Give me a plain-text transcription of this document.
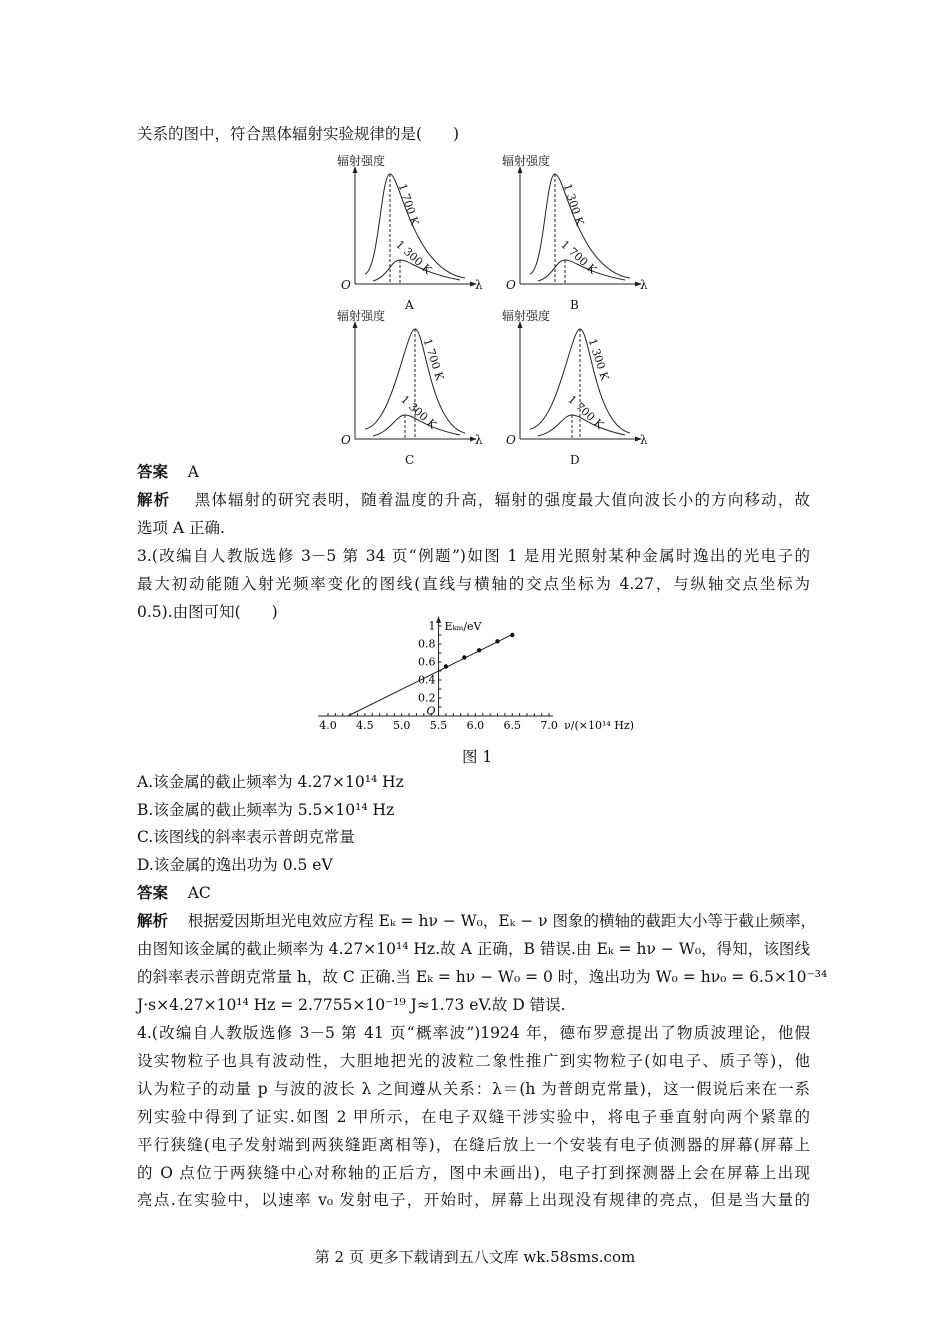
关系的图中，符合黑体辐射实验规律的是(　　)
辐射强度
O	λ
1 700 K
1 300 K
A
辐射强度
O	λ
1 300 K
1 700 K
B
辐射强度
O	λ
1 700 K
1 300 K
C
辐射强度
O	λ
1 300 K
1 700 K
D
答案 A
解析 黑体辐射的研究表明，随着温度的升高，辐射的强度最大值向波长小的方向移动，故
选项 A 正确.
3.(改编自人教版选修 3－5 第 34 页“例题”)如图 1 是用光照射某种金属时逸出的光电子的
最大初动能随入射光频率变化的图线(直线与横轴的交点坐标为 4.27，与纵轴交点坐标为
0.5).由图可知(　　)
4.0 4.5 5.0 5.5 6.0 6.5 7.0
0.2
0.4
0.6
0.8
1
O
Eₖₘ/eV
ν/(×10¹⁴ Hz)
图 1
A.该金属的截止频率为 4.27×10¹⁴ Hz
B.该金属的截止频率为 5.5×10¹⁴ Hz
C.该图线的斜率表示普朗克常量
D.该金属的逸出功为 0.5 eV
答案 AC
解析 根据爱因斯坦光电效应方程 Eₖ = hν − W₀，Eₖ − ν 图象的横轴的截距大小等于截止频率，
由图知该金属的截止频率为 4.27×10¹⁴ Hz.故 A 正确，B 错误.由 Eₖ = hν − W₀，得知，该图线
的斜率表示普朗克常量 h，故 C 正确.当 Eₖ = hν − W₀ = 0 时，逸出功为 W₀ = hν₀ = 6.5×10⁻³⁴
J·s×4.27×10¹⁴ Hz = 2.7755×10⁻¹⁹ J≈1.73 eV.故 D 错误.
4.(改编自人教版选修 3－5 第 41 页“概率波”)1924 年，德布罗意提出了物质波理论，他假
设实物粒子也具有波动性，大胆地把光的波粒二象性推广到实物粒子(如电子、质子等)，他
认为粒子的动量 p 与波的波长 λ 之间遵从关系：λ＝(h 为普朗克常量)，这一假说后来在一系
列实验中得到了证实.如图 2 甲所示，在电子双缝干涉实验中，将电子垂直射向两个紧靠的
平行狭缝(电子发射端到两狭缝距离相等)，在缝后放上一个安装有电子侦测器的屏幕(屏幕上
的 O 点位于两狭缝中心对称轴的正后方，图中未画出)，电子打到探测器上会在屏幕上出现
亮点.在实验中，以速率 v₀ 发射电子，开始时，屏幕上出现没有规律的亮点，但是当大量的
第 2 页 更多下载请到五八文库 wk.58sms.com
